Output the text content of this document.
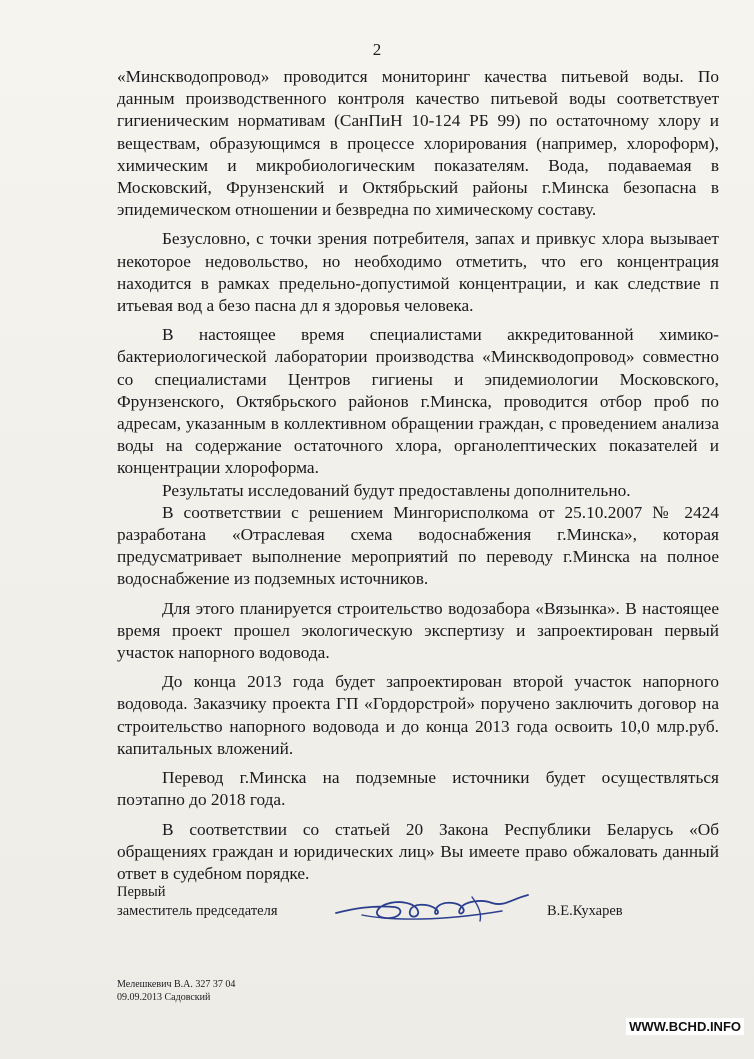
2

«Минскводопровод» проводится мониторинг качества питьевой воды. По данным производственного контроля качество питьевой воды соответствует гигиеническим нормативам (СанПиН 10-124 РБ 99) по остаточному хлору и веществам, образующимся в процессе хлорирования (например, хлороформ), химическим и микробиологическим показателям. Вода, подаваемая в Московский, Фрунзенский и Октябрьский районы г.Минска безопасна в эпидемическом отношении и безвредна по химическому составу.

Безусловно, с точки зрения потребителя, запах и привкус хлора вызывает некоторое недовольство, но необходимо отметить, что его концентрация находится в рамках предельно-допустимой концентрации, и как следствие п итьевая вод а безо пасна дл я здоровья человека.

В настоящее время специалистами аккредитованной химико-бактериологической лаборатории производства «Минскводопровод» совместно со специалистами Центров гигиены и эпидемиологии Московского, Фрунзенского, Октябрьского районов г.Минска, проводится отбор проб по адресам, указанным в коллективном обращении граждан, с проведением анализа воды на содержание остаточного хлора, органолептических показателей и концентрации хлороформа.

Результаты исследований будут предоставлены дополнительно.

В соответствии с решением Мингорисполкома от 25.10.2007 № 2424 разработана «Отраслевая схема водоснабжения г.Минска», которая предусматривает выполнение мероприятий по переводу г.Минска на полное водоснабжение из подземных источников.

Для этого планируется строительство водозабора «Вязынка». В настоящее время проект прошел экологическую экспертизу и запроектирован первый участок напорного водовода.

До конца 2013 года будет запроектирован второй участок напорного водовода. Заказчику проекта ГП «Гордорстрой» поручено заключить договор на строительство напорного водовода и до конца 2013 года освоить 10,0 млр.руб. капитальных вложений.

Перевод г.Минска на подземные источники будет осуществляться поэтапно до 2018 года.

В соответствии со статьей 20 Закона Республики Беларусь «Об обращениях граждан и юридических лиц» Вы имеете право обжаловать данный ответ в судебном порядке.

Первый
заместитель председателя	В.Е.Кухарев
Мелешкевич В.А. 327 37 04
09.09.2013 Садовский
WWW.BCHD.INFO
